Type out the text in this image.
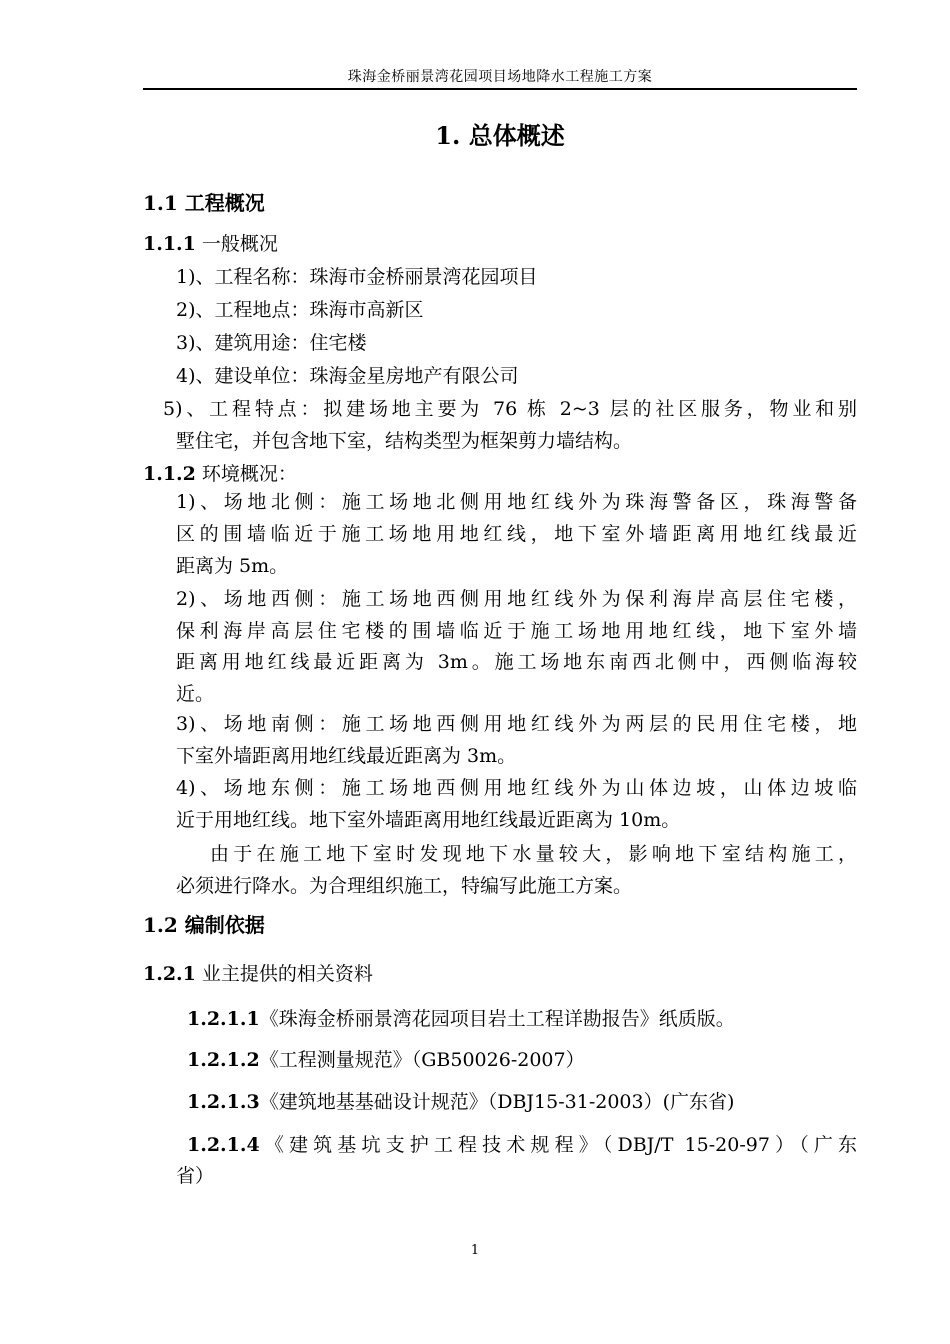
珠海金桥丽景湾花园项目场地降水工程施工方案
1. 总体概述
1.1 工程概况
1.1.1 一般概况
1)、工程名称：珠海市金桥丽景湾花园项目
2)、工程地点：珠海市高新区
3)、建筑用途：住宅楼
4)、建设单位：珠海金星房地产有限公司
5)、工程特点：拟建场地主要为 76 栋 2~3 层的社区服务，物业和别
墅住宅，并包含地下室，结构类型为框架剪力墙结构。
1.1.2 环境概况：
1)、场地北侧：施工场地北侧用地红线外为珠海警备区，珠海警备
区的围墙临近于施工场地用地红线，地下室外墙距离用地红线最近
距离为 5m。
2)、场地西侧：施工场地西侧用地红线外为保利海岸高层住宅楼，
保利海岸高层住宅楼的围墙临近于施工场地用地红线，地下室外墙
距离用地红线最近距离为 3m。施工场地东南西北侧中，西侧临海较
近。
3)、场地南侧：施工场地西侧用地红线外为两层的民用住宅楼，地
下室外墙距离用地红线最近距离为 3m。
4)、场地东侧：施工场地西侧用地红线外为山体边坡，山体边坡临
近于用地红线。地下室外墙距离用地红线最近距离为 10m。
由于在施工地下室时发现地下水量较大，影响地下室结构施工，
必须进行降水。为合理组织施工，特编写此施工方案。
1.2 编制依据
1.2.1 业主提供的相关资料
1.2.1.1《珠海金桥丽景湾花园项目岩土工程详勘报告》纸质版。
1.2.1.2《工程测量规范》（GB50026-2007）
1.2.1.3《建筑地基基础设计规范》（DBJ15-31-2003）(广东省)
1.2.1.4《建筑基坑支护工程技术规程》（DBJ/T 15-20-97）（广东
省）
1
